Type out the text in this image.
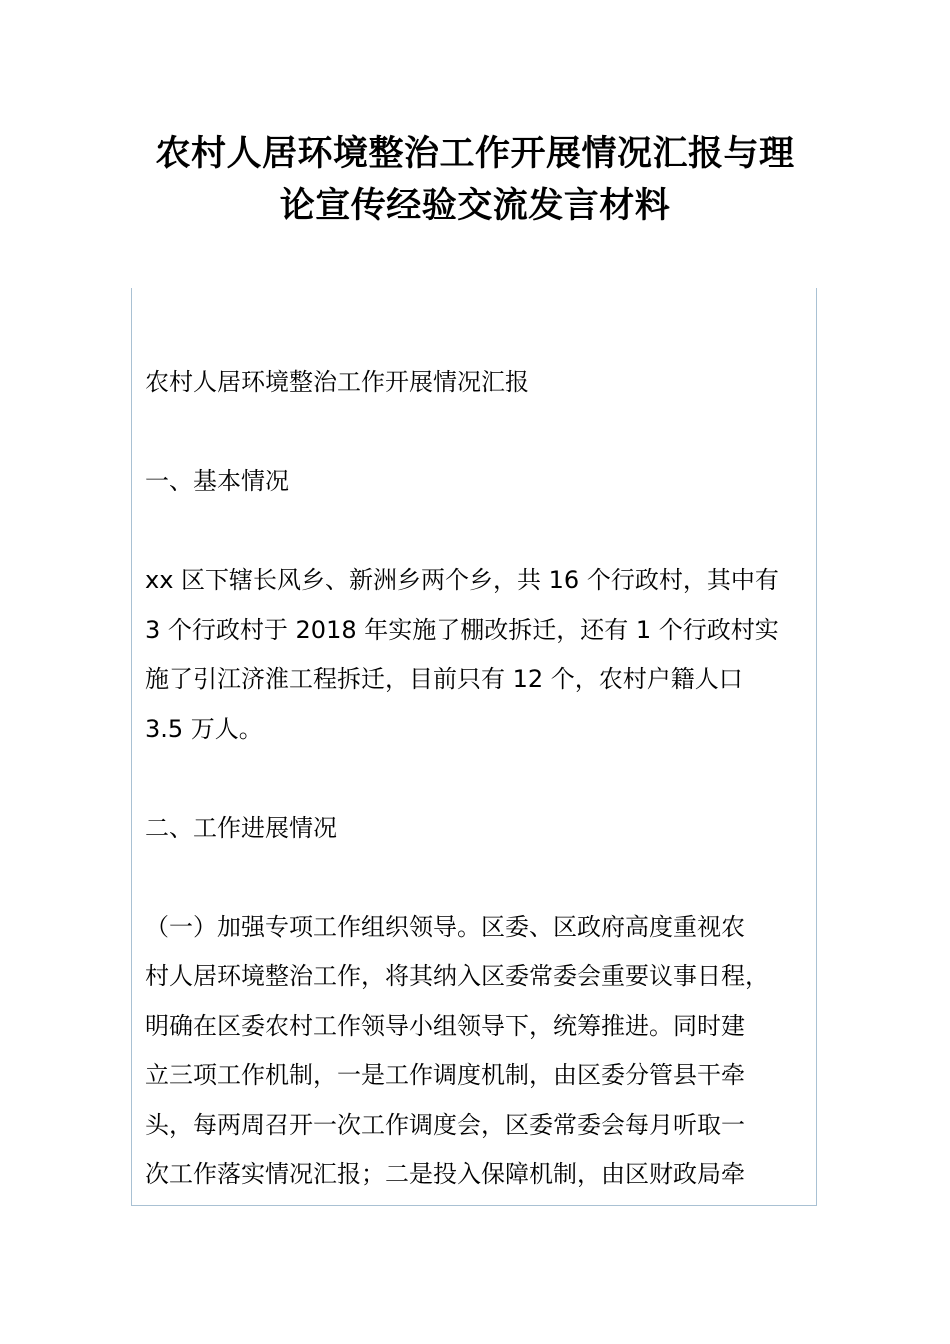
农村人居环境整治工作开展情况汇报与理
论宣传经验交流发言材料

农村人居环境整治工作开展情况汇报

一、基本情况

xx 区下辖长风乡、新洲乡两个乡，共 16 个行政村，其中有
3 个行政村于 2018 年实施了棚改拆迁，还有 1 个行政村实
施了引江济淮工程拆迁，目前只有 12 个，农村户籍人口
3.5 万人。

二、工作进展情况

（一）加强专项工作组织领导。区委、区政府高度重视农
村人居环境整治工作，将其纳入区委常委会重要议事日程，
明确在区委农村工作领导小组领导下，统筹推进。同时建
立三项工作机制，一是工作调度机制，由区委分管县干牵
头，每两周召开一次工作调度会，区委常委会每月听取一
次工作落实情况汇报；二是投入保障机制，由区财政局牵
